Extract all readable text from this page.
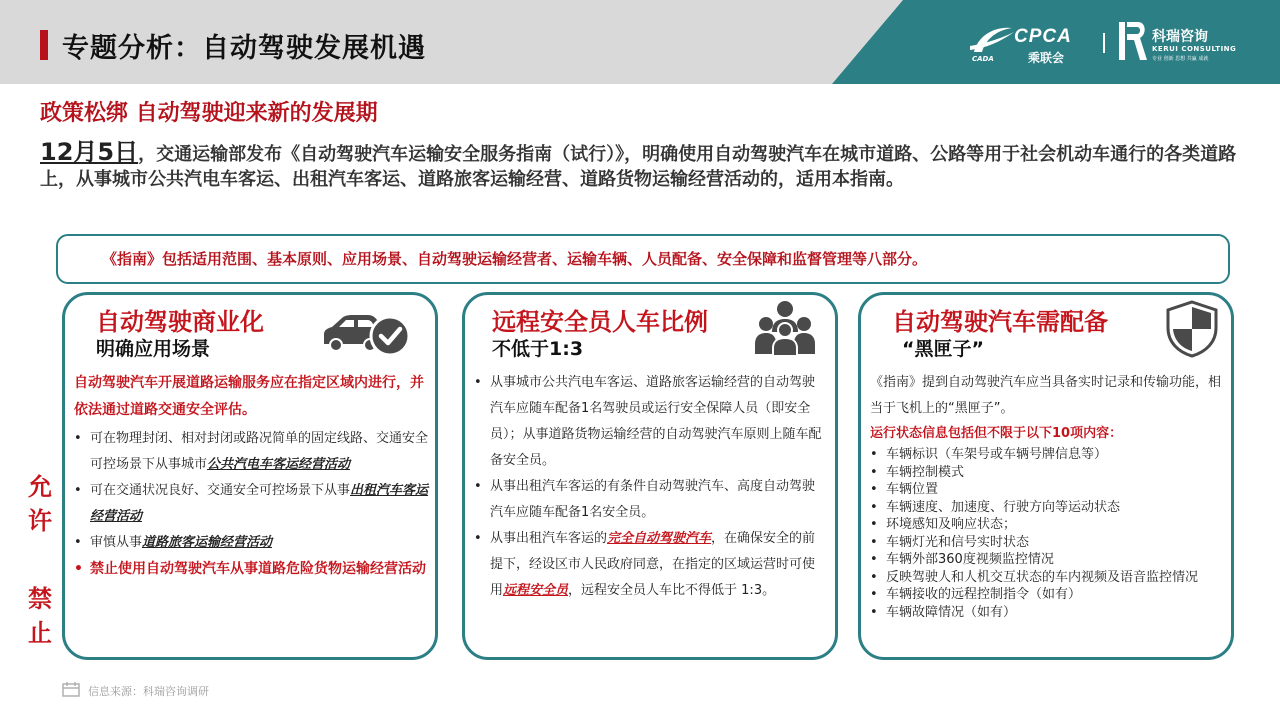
专题分析：自动驾驶发展机遇	CPCA
乘联会
CADA
科瑞咨询
KERUI CONSULTING
专业 创新 思想 共赢 成就
政策松绑 自动驾驶迎来新的发展期
12月5日，交通运输部发布《自动驾驶汽车运输安全服务指南（试行）》，明确使用自动驾驶汽车在城市道路、公路等用于社会机动车通行的各类道路上，从事城市公共汽电车客运、出租汽车客运、道路旅客运输经营、道路货物运输经营活动的，适用本指南。
《指南》包括适用范围、基本原则、应用场景、自动驾驶运输经营者、运输车辆、人员配备、安全保障和监督管理等八部分。
允许
禁止
自动驾驶商业化
明确应用场景
自动驾驶汽车开展道路运输服务应在指定区域内进行，并依法通过道路交通安全评估。
• 可在物理封闭、相对封闭或路况简单的固定线路、交通安全可控场景下从事城市公共汽电车客运经营活动
• 可在交通状况良好、交通安全可控场景下从事出租汽车客运经营活动
• 审慎从事道路旅客运输经营活动
• 禁止使用自动驾驶汽车从事道路危险货物运输经营活动
远程安全员人车比例
不低于1:3
• 从事城市公共汽电车客运、道路旅客运输经营的自动驾驶汽车应随车配备1名驾驶员或运行安全保障人员（即安全员）；从事道路货物运输经营的自动驾驶汽车原则上随车配备安全员。
• 从事出租汽车客运的有条件自动驾驶汽车、高度自动驾驶汽车应随车配备1名安全员。
• 从事出租汽车客运的完全自动驾驶汽车，在确保安全的前提下，经设区市人民政府同意，在指定的区域运营时可使用远程安全员，远程安全员人车比不得低于 1:3。
自动驾驶汽车需配备
“黑匣子”
《指南》提到自动驾驶汽车应当具备实时记录和传输功能，相当于飞机上的“黑匣子”。
运行状态信息包括但不限于以下10项内容：
• 车辆标识（车架号或车辆号牌信息等）
• 车辆控制模式
• 车辆位置
• 车辆速度、加速度、行驶方向等运动状态
• 环境感知及响应状态；
• 车辆灯光和信号实时状态
• 车辆外部360度视频监控情况
• 反映驾驶人和人机交互状态的车内视频及语音监控情况
• 车辆接收的远程控制指令（如有）
• 车辆故障情况（如有）
信息来源：科瑞咨询调研
